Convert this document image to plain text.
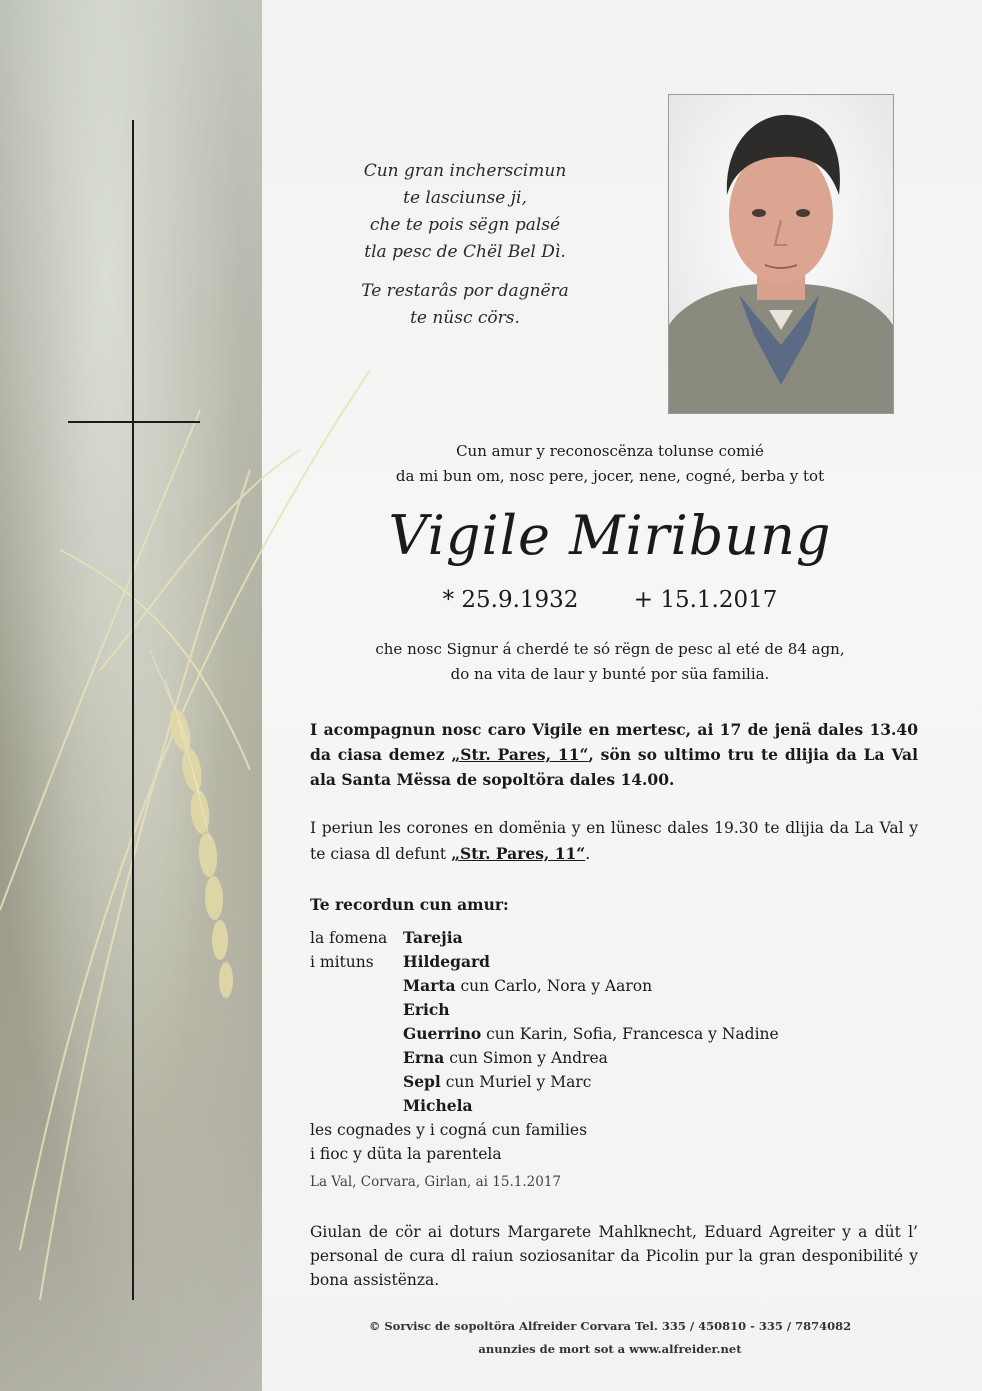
Cun gran incherscimun
te lasciunse ji,
che te pois sëgn palsé
tla pesc de Chël Bel Dì.

Te restarâs por dagnëra
te nüsc cörs.

Cun amur y reconoscënza tolunse comié
da mi bun om, nosc pere, jocer, nene, cogné, berba y tot
Vigile Miribung
* 25.9.1932 + 15.1.2017
che nosc Signur á cherdé te só rëgn de pesc al eté de 84 agn,
do na vita de laur y bunté por süa familia.
I acompagnun nosc caro Vigile en mertesc, ai 17 de jenä dales 13.40 da ciasa demez „Str. Pares, 11“, sön so ultimo tru te dlijia da La Val ala Santa Mëssa de sopoltöra dales 14.00.
I periun les corones en domënia y en lünesc dales 19.30 te dlijia da La Val y te ciasa dl defunt „Str. Pares, 11“.
Te recordun cun amur:
la fomena	Tarejia
i mituns	Hildegard
Marta cun Carlo, Nora y Aaron
Erich
Guerrino cun Karin, Sofia, Francesca y Nadine
Erna cun Simon y Andrea
Sepl cun Muriel y Marc
Michela
les cognades y i cogná cun families
i fioc y düta la parentela
La Val, Corvara, Girlan, ai 15.1.2017
Giulan de cör ai doturs Margarete Mahlknecht, Eduard Agreiter y a düt l’ personal de cura dl raiun soziosanitar da Picolin pur la gran desponibilité y bona assistënza.
© Sorvisc de sopoltöra Alfreider Corvara Tel. 335 / 450810 - 335 / 7874082
anunzies de mort sot a www.alfreider.net
